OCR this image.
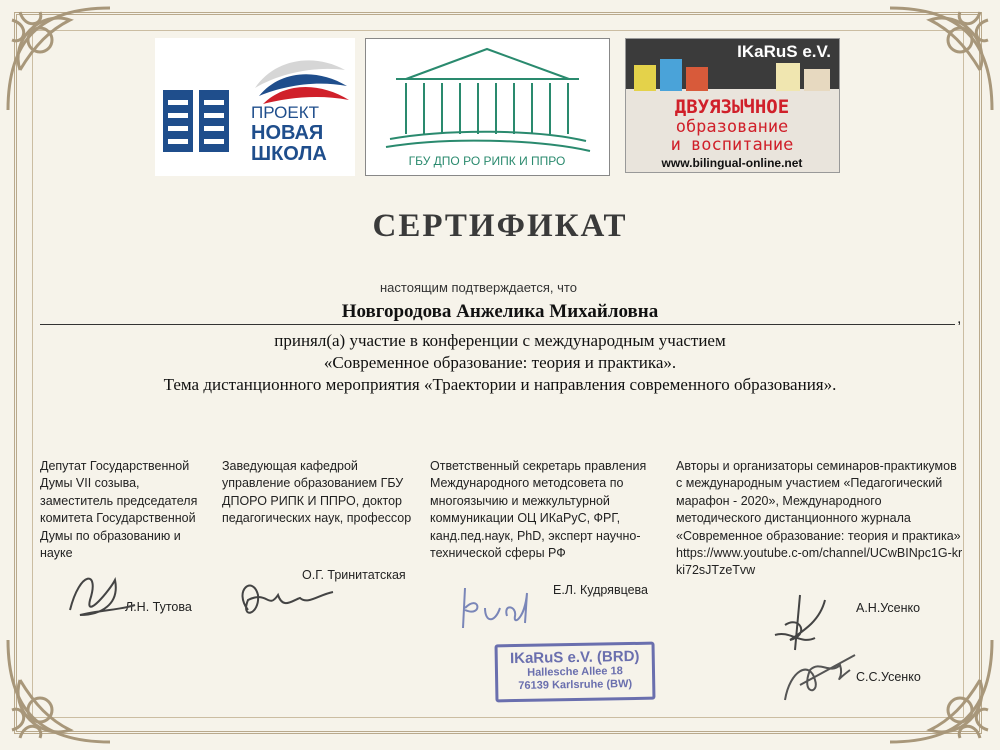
ПРОЕКТ
НОВАЯ
ШКОЛА	ГБУ ДПО РО РИПК И ППРО
IKaRuS e.V.
ДВУЯЗЫЧНОЕ
образование
и воспитание
www.bilingual-online.net
СЕРТИФИКАТ
настоящим подтверждается, что
Новгородова Анжелика Михайловна	,
принял(а) участие в конференции с международным участием
«Современное образование: теория и практика».
Тема дистанционного мероприятия «Траектории и направления современного образования».
Депутат Государственной Думы VII созыва, заместитель председателя комитета Государственной Думы по образованию и науке
Заведующая кафедрой управление образованием ГБУ ДПОРО РИПК И ППРО, доктор педагогических наук, профессор
Ответственный секретарь правления Международного методсовета по многоязычию и межкультурной коммуникации ОЦ ИКаРуС, ФРГ, канд.пед.наук, PhD, эксперт научно-технической сферы РФ
Авторы и организаторы семинаров-практикумов с международным участием «Педагогический марафон - 2020», Международного методического дистанционного журнала «Современное образование: теория и практика» https://www.youtube.c-om/channel/UCwBINpc1G-krki72sJTzeTvw
Л.Н. Тутова
О.Г. Тринитатская
Е.Л. Кудрявцева
А.Н.Усенко
С.С.Усенко
IKaRuS e.V. (BRD)
Hallesche Allee 18
76139 Karlsruhe (BW)
